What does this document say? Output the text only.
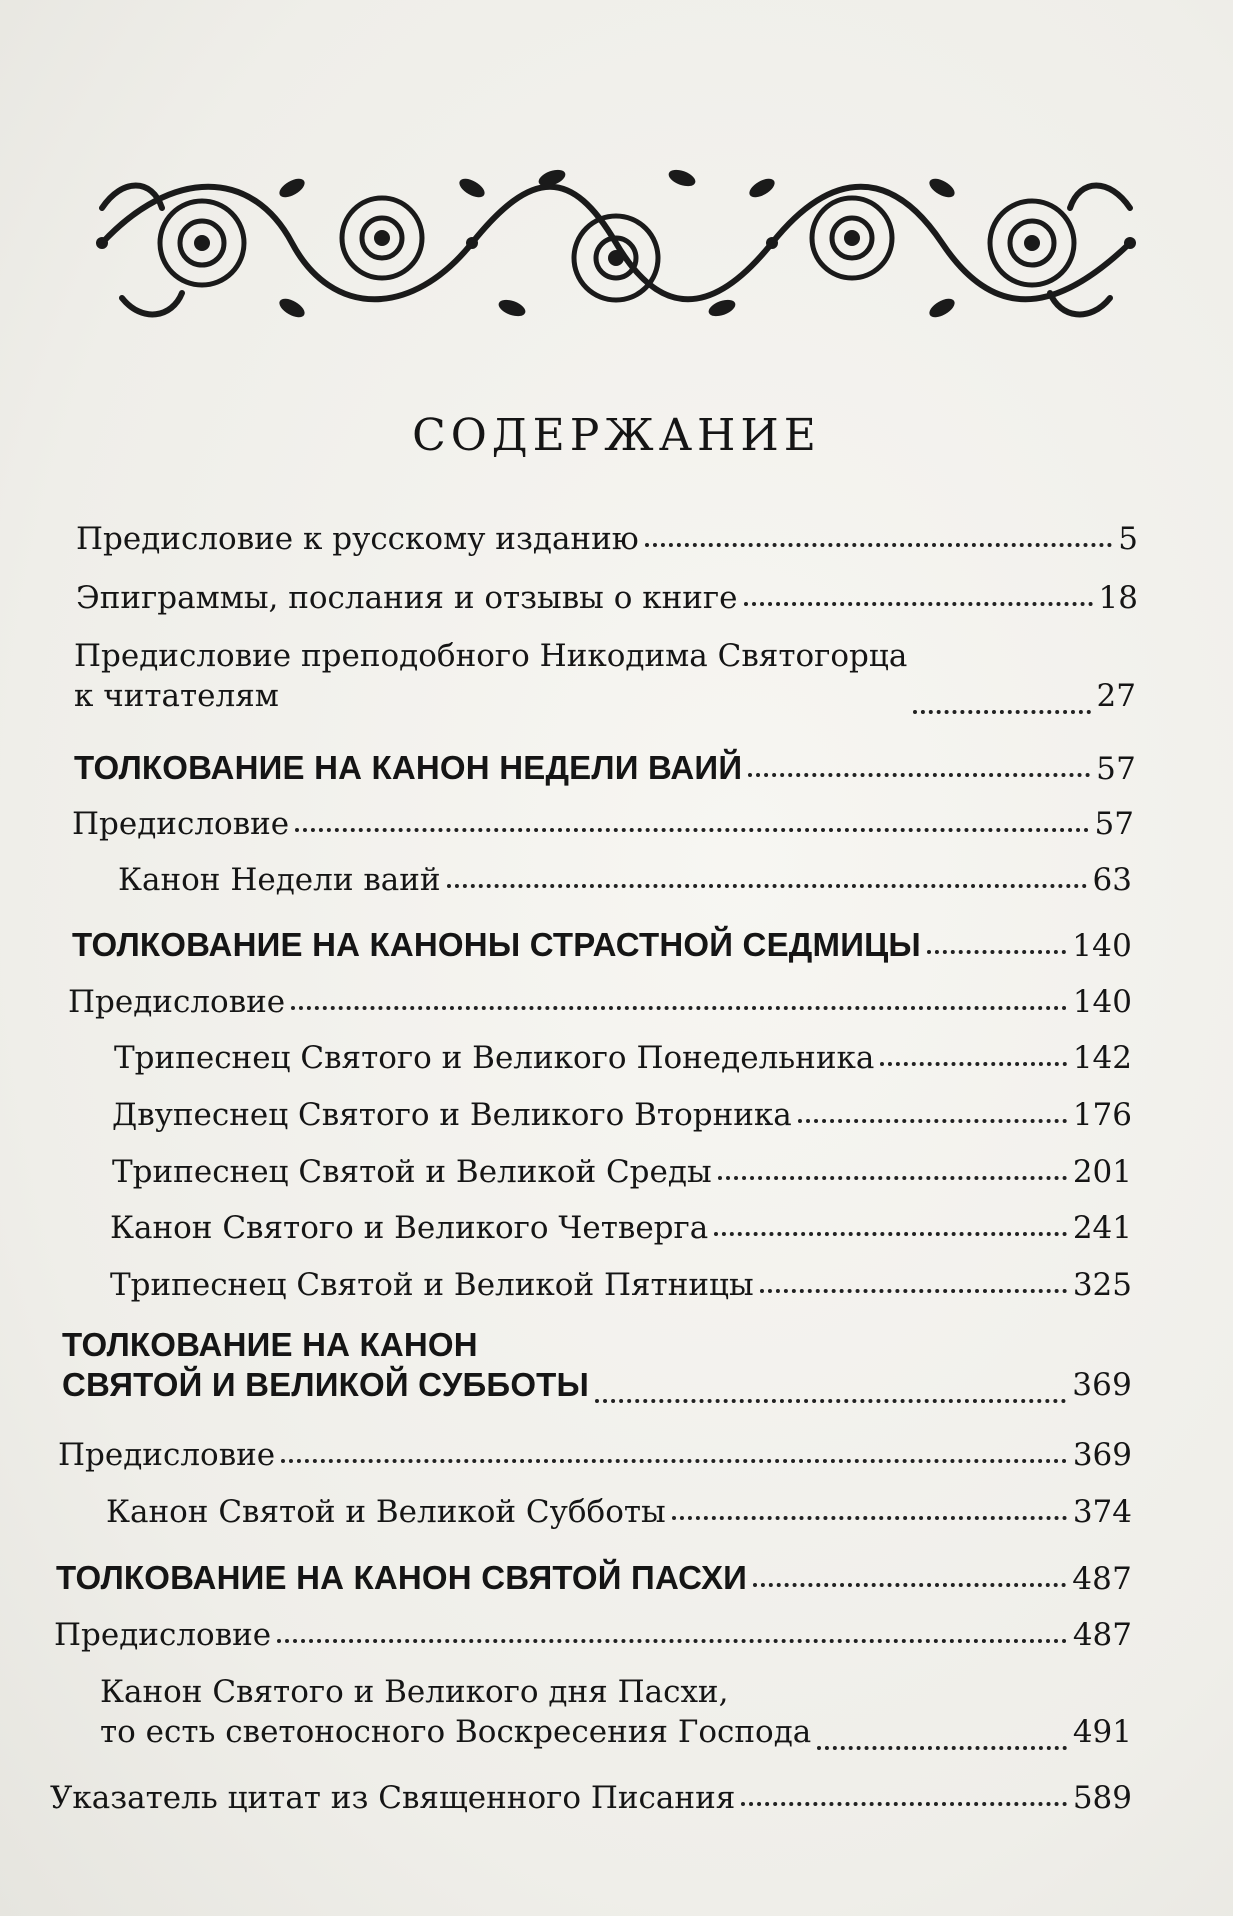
СОДЕРЖАНИЕ
Предисловие к русскому изданию	5
Эпиграммы, послания и отзывы о книге	18
Предисловие преподобного Никодима Святогорца
к читателям	27
ТОЛКОВАНИЕ НА КАНОН НЕДЕЛИ ВАИЙ	57
Предисловие	57
Канон Недели ваий	63
ТОЛКОВАНИЕ НА КАНОНЫ СТРАСТНОЙ СЕДМИЦЫ	140
Предисловие	140
Трипеснец Святого и Великого Понедельника	142
Двупеснец Святого и Великого Вторника	176
Трипеснец Святой и Великой Среды	201
Канон Святого и Великого Четверга	241
Трипеснец Святой и Великой Пятницы	325
ТОЛКОВАНИЕ НА КАНОН
СВЯТОЙ И ВЕЛИКОЙ СУББОТЫ	369
Предисловие	369
Канон Святой и Великой Субботы	374
ТОЛКОВАНИЕ НА КАНОН СВЯТОЙ ПАСХИ	487
Предисловие	487
Канон Святого и Великого дня Пасхи,
то есть светоносного Воскресения Господа	491
Указатель цитат из Священного Писания	589
